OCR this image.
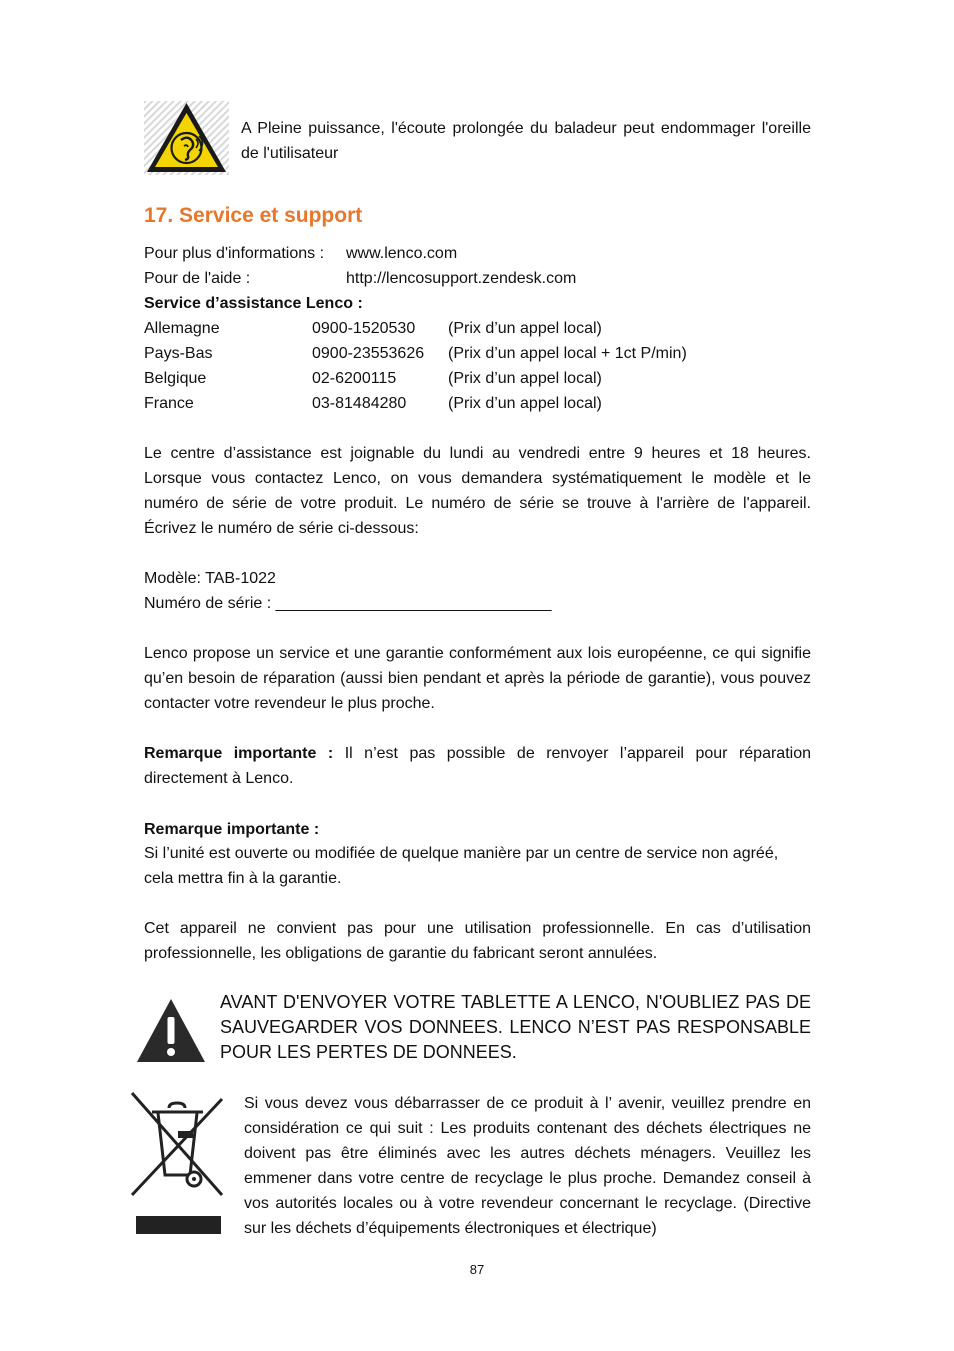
A Pleine puissance, l'écoute prolongée du baladeur peut endommager l'oreille de l'utilisateur
17. Service et support
Pour plus d'informations : www.lenco.com
Pour de l'aide :	http://lencosupport.zendesk.com
Service d’assistance Lenco :
Allemagne	0900-1520530 (Prix d’un appel local)
Pays-Bas	0900-23553626 (Prix d’un appel local + 1ct P/min)
Belgique	02-6200115	(Prix d’un appel local)
France	03-81484280	(Prix d’un appel local)
Le centre d’assistance est joignable du lundi au vendredi entre 9 heures et 18 heures. Lorsque vous contactez Lenco, on vous demandera systématiquement le modèle et le numéro de série de votre produit. Le numéro de série se trouve à l'arrière de l'appareil. Écrivez le numéro de série ci-dessous:
Modèle: TAB-1022
Numéro de série : _______________________________
Lenco propose un service et une garantie conformément aux lois européenne, ce qui signifie qu’en besoin de réparation (aussi bien pendant et après la période de garantie), vous pouvez contacter votre revendeur le plus proche.
Remarque importante : Il n’est pas possible de renvoyer l’appareil pour réparation directement à Lenco.
Remarque importante :
Si l’unité est ouverte ou modifiée de quelque manière par un centre de service non agréé, cela mettra fin à la garantie.
Cet appareil ne convient pas pour une utilisation professionnelle. En cas d’utilisation professionnelle, les obligations de garantie du fabricant seront annulées.
AVANT D'ENVOYER VOTRE TABLETTE A LENCO, N'OUBLIEZ PAS DE SAUVEGARDER VOS DONNEES. LENCO N’EST PAS RESPONSABLE POUR LES PERTES DE DONNEES.
Si vous devez vous débarrasser de ce produit à l’ avenir, veuillez prendre en considération ce qui suit : Les produits contenant des déchets électriques ne doivent pas être éliminés avec les autres déchets ménagers. Veuillez les emmener dans votre centre de recyclage le plus proche. Demandez conseil à vos autorités locales ou à votre revendeur concernant le recyclage. (Directive sur les déchets d’équipements électroniques et électrique)
87
